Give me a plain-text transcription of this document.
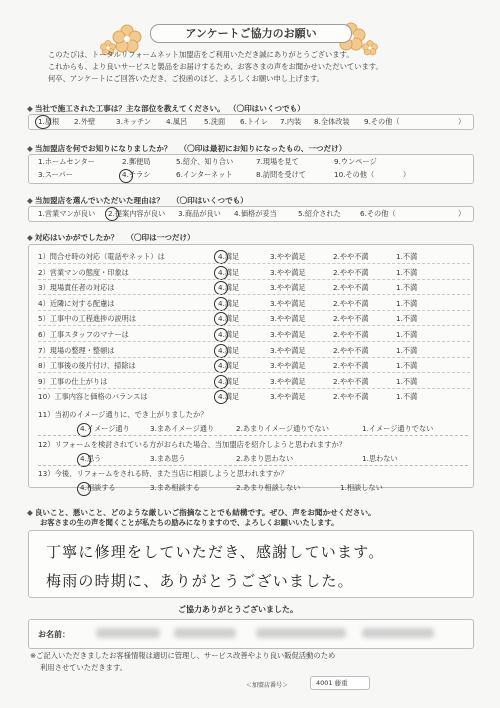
アンケートご協力のお願い
このたびは、トータルリフォームネット加盟店をご利用いただき誠にありがとうございます。
これからも、より良いサービスと製品をお届けするため、お客さまの声をお聞かせいただいています。
何卒、アンケートにご回答いただき、ご投函のほど、よろしくお願い申し上げます。
◆ 当社で施工された工事は？主な部位を教えてください。 （〇印はいくつでも）
1.屋根 2.外壁	3.キッチン 4.風呂 5.洗面 6.トイレ 7.内装 8.全体改装 9.その他（	）
◆ 当加盟店を何でお知りになりましたか？ （〇印は最初にお知りになったもの、一つだけ）
1.ホームセンター	2.郵便局	5.紹介、知り合い	7.現場を見て	9.ウンページ
3.スーパー	4.チラシ	6.インターネット	8.訪問を受けて	10.その他（　　　　）
◆ 当加盟店を選んでいただいた理由は？ （〇印はいくつでも）
1.営業マンが良い 2.提案内容が良い 3.商品が良い 4.価格が妥当	5.紹介された	6.その他（	）
◆ 対応はいかがでしたか？ （〇印は一つだけ）
1）問合せ時の対応（電話やネット）は	4.満足	3.やや満足	2.やや不満	1.不満
2）営業マンの態度・印象は	4.満足	3.やや満足	2.やや不満	1.不満
3）現場責任者の対応は	4.満足	3.やや満足	2.やや不満	1.不満
4）近隣に対する配慮は	4.満足	3.やや満足	2.やや不満	1.不満
5）工事中の工程進捗の説明は	4.満足	3.やや満足	2.やや不満	1.不満
6）工事スタッフのマナーは	4.満足	3.やや満足	2.やや不満	1.不満
7）現場の整理・整頓は	4.満足	3.やや満足	2.やや不満	1.不満
8）工事後の後片付け、掃除は	4.満足	3.やや満足	2.やや不満	1.不満
9）工事の仕上がりは	4.満足	3.やや満足	2.やや不満	1.不満
10）工事内容と価格のバランスは	4.満足	3.やや満足	2.やや不満	1.不満
11）当初のイメージ通りに、でき上がりましたか？
4.イメージ通り	3.まあイメージ通り	2.あまりイメージ通りでない	1.イメージ通りでない
12）リフォームを検討されている方がおられた場合、当加盟店を紹介しようと思われますか？
4.思う	3.まあ思う	2.あまり思わない	1.思わない
13）今後、リフォームをされる時、また当店に相談しようと思われますか？
4.相談する	3.まあ相談する	2.あまり相談しない	1.相談しない
◆ 良いこと、悪いこと、どのような厳しいご指摘なことでも結構です。ぜひ、声をお聞かせください。
お客さまの生の声を聞くことが私たちの励みになりますので、よろしくお願いいたします。
丁寧に修理をしていただき、感謝しています。
梅雨の時期に、ありがとうございました。
ご協力ありがとうございました。
お名前：
※ご記入いただきましたお客様情報は適切に管理し、サービス改善やより良い販促活動のため
利用させていただきます。
＜加盟店番号＞	4001 藤重
